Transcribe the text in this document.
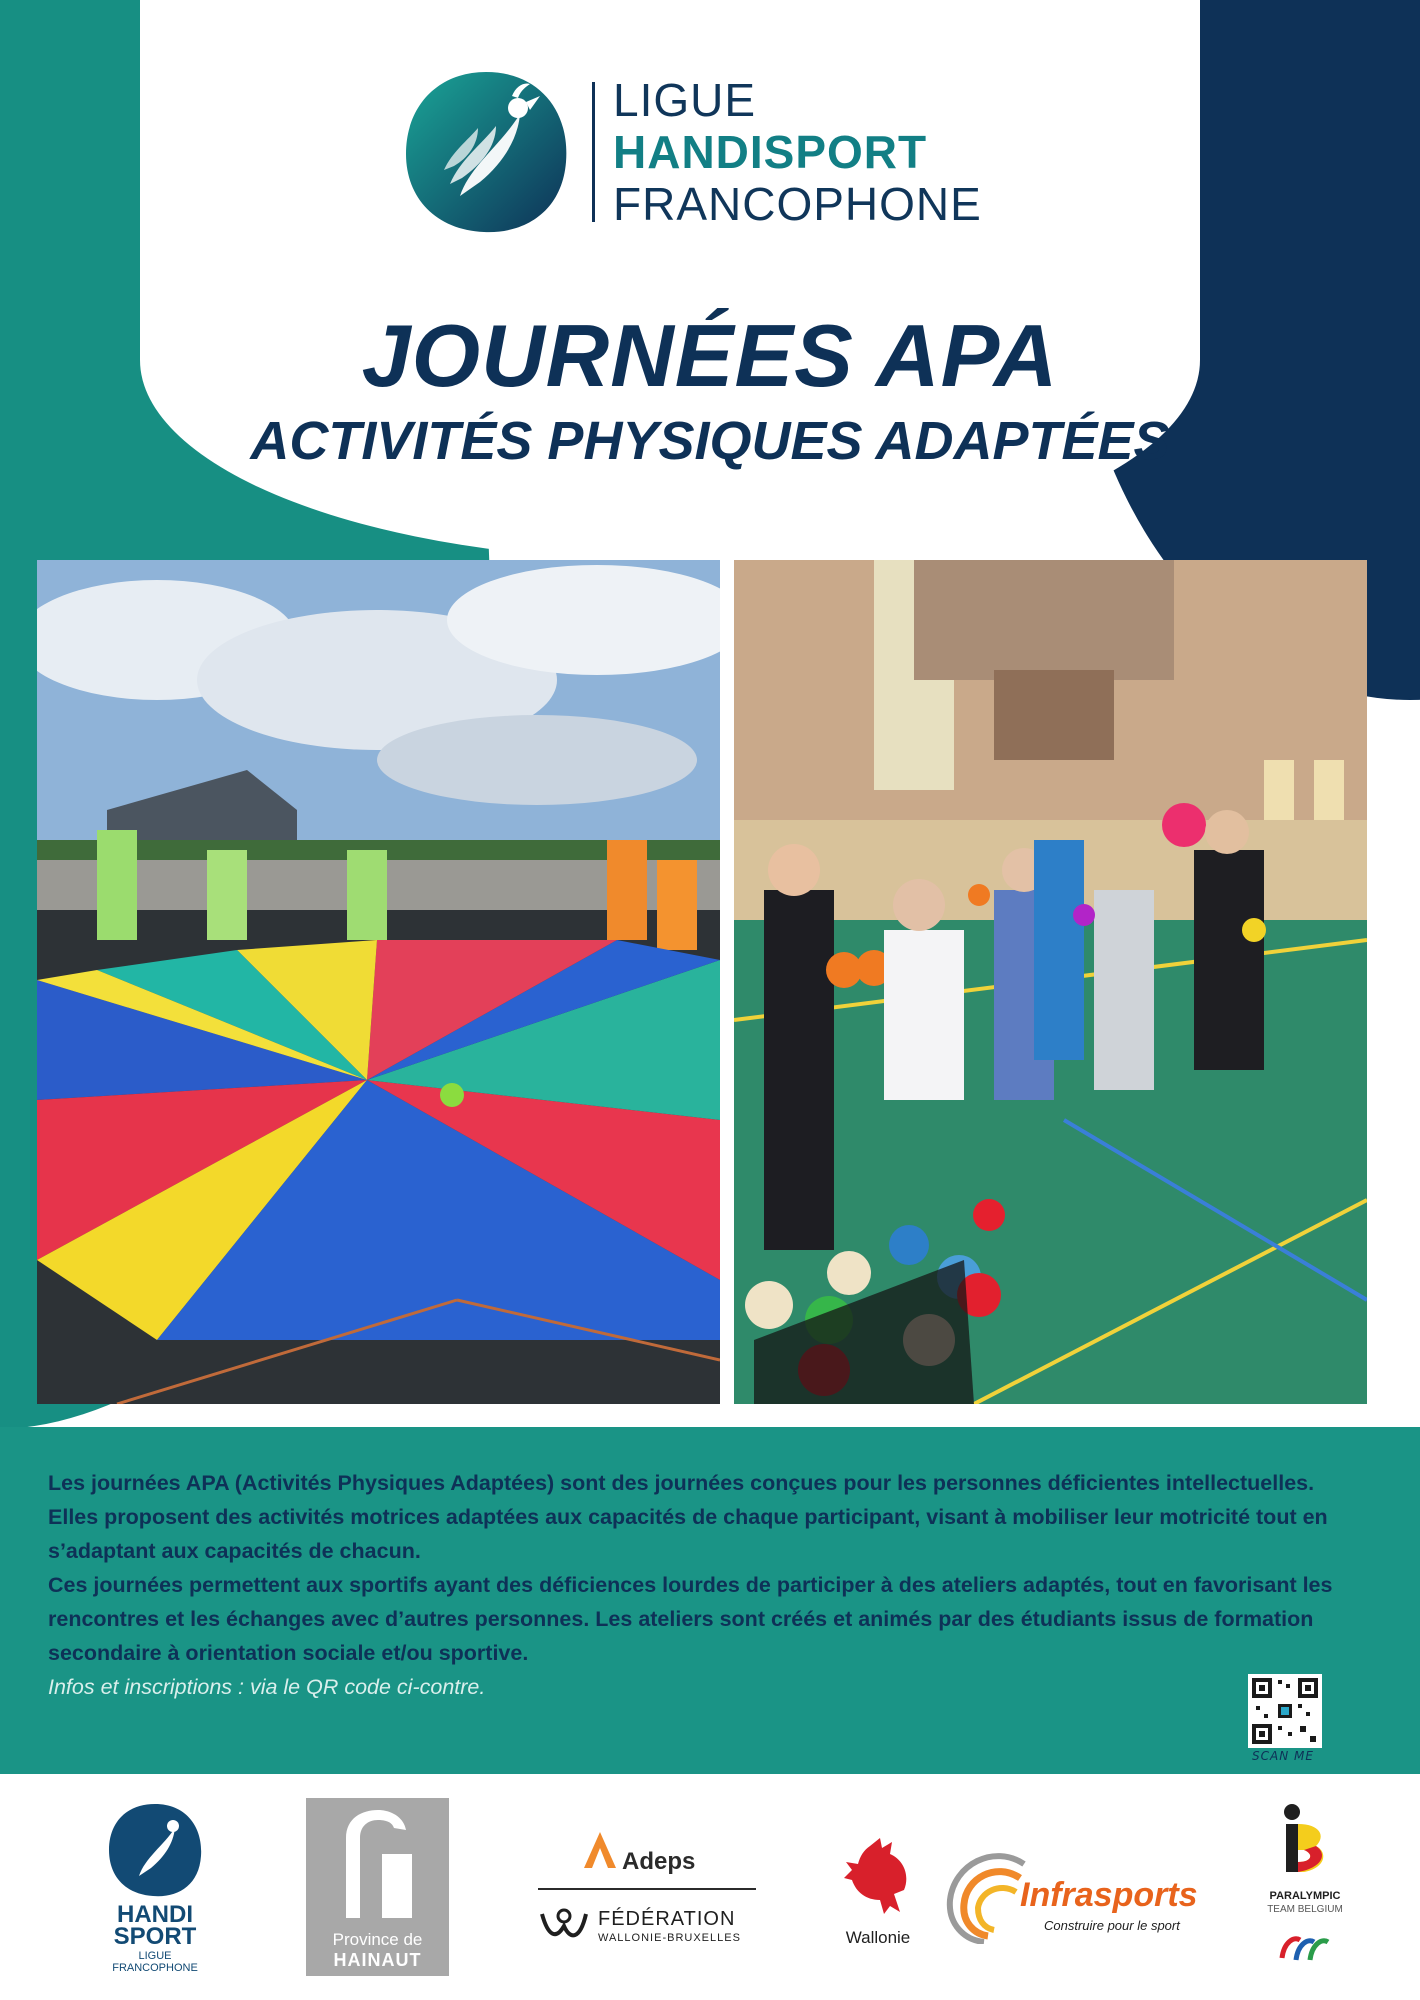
LIGUE
HANDISPORT
FRANCOPHONE
JOURNÉES APA
ACTIVITÉS PHYSIQUES ADAPTÉES

Les journées APA (Activités Physiques Adaptées) sont des journées conçues pour les personnes déficientes intellectuelles. Elles proposent des activités motrices adaptées aux capacités de chaque participant, visant à mobiliser leur motricité tout en s’adaptant aux capacités de chacun.

Ces journées permettent aux sportifs ayant des déficiences lourdes de participer à des ateliers adaptés, tout en favorisant les rencontres et les échanges avec d’autres personnes. Les ateliers sont créés et animés par des étudiants issus de formation secondaire à orientation sociale et/ou sportive.

Infos et inscriptions : via le QR code ci-contre.

SCAN ME
HANDI
SPORT
LIGUE
FRANCOPHONE
Province de
HAINAUT
Adeps
FÉDÉRATION
WALLONIE-BRUXELLES	Wallonie
Infrasports
Construire pour le sport
PARALYMPIC
TEAM BELGIUM
